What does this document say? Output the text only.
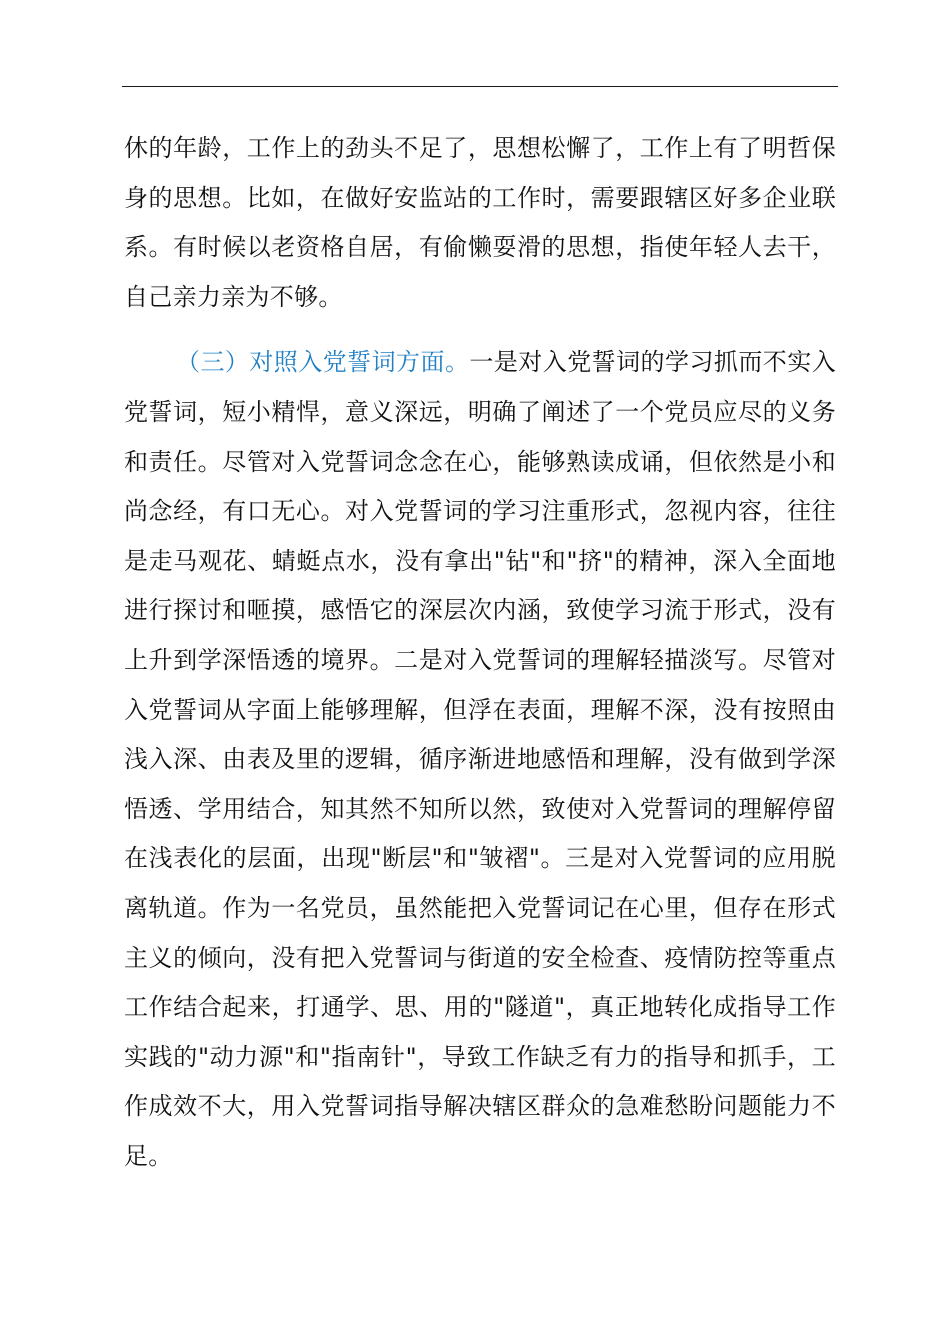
休的年龄，工作上的劲头不足了，思想松懈了，工作上有了明哲保身的思想。比如，在做好安监站的工作时，需要跟辖区好多企业联系。有时候以老资格自居，有偷懒耍滑的思想，指使年轻人去干，自己亲力亲为不够。

（三）对照入党誓词方面。一是对入党誓词的学习抓而不实入党誓词，短小精悍，意义深远，明确了阐述了一个党员应尽的义务和责任。尽管对入党誓词念念在心，能够熟读成诵，但依然是小和尚念经，有口无心。对入党誓词的学习注重形式，忽视内容，往往是走马观花、蜻蜓点水，没有拿出"钻"和"挤"的精神，深入全面地进行探讨和咂摸，感悟它的深层次内涵，致使学习流于形式，没有上升到学深悟透的境界。二是对入党誓词的理解轻描淡写。尽管对入党誓词从字面上能够理解，但浮在表面，理解不深，没有按照由浅入深、由表及里的逻辑，循序渐进地感悟和理解，没有做到学深悟透、学用结合，知其然不知所以然，致使对入党誓词的理解停留在浅表化的层面，出现"断层"和"皱褶"。三是对入党誓词的应用脱离轨道。作为一名党员，虽然能把入党誓词记在心里，但存在形式主义的倾向，没有把入党誓词与街道的安全检查、疫情防控等重点工作结合起来，打通学、思、用的"隧道"，真正地转化成指导工作实践的"动力源"和"指南针"，导致工作缺乏有力的指导和抓手，工作成效不大，用入党誓词指导解决辖区群众的急难愁盼问题能力不足。
